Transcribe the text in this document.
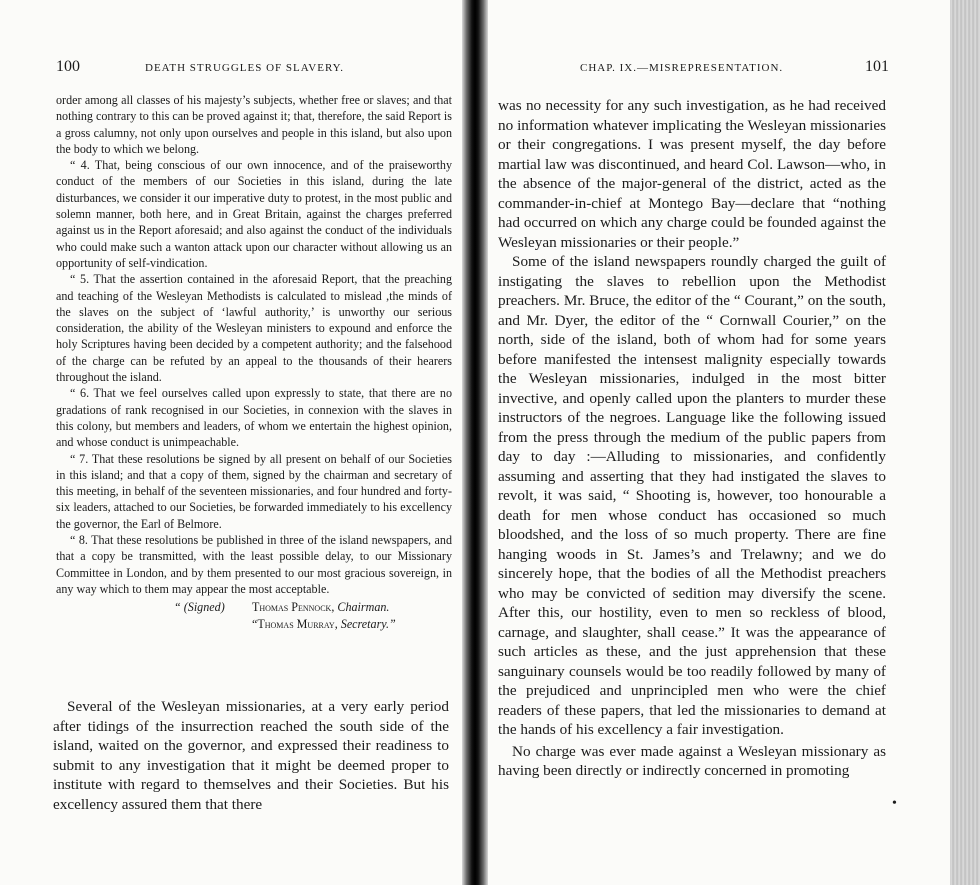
100	DEATH STRUGGLES OF SLAVERY.

order among all classes of his majesty’s subjects, whether free or slaves; and that nothing contrary to this can be proved against it; that, therefore, the said Report is a gross calumny, not only upon ourselves and people in this island, but also upon the body to which we belong.

“ 4. That, being conscious of our own innocence, and of the praiseworthy conduct of the members of our Societies in this island, during the late disturbances, we consider it our imperative duty to protest, in the most public and solemn manner, both here, and in Great Britain, against the charges preferred against us in the Report aforesaid; and also against the conduct of the individuals who could make such a wanton attack upon our character without allowing us an opportunity of self-vindication.

“ 5. That the assertion contained in the aforesaid Report, that the preaching and teaching of the Wesleyan Methodists is calculated to mislead ,the minds of the slaves on the subject of ‘lawful authority,’ is unworthy our serious consideration, the ability of the Wesleyan ministers to expound and enforce the holy Scriptures having been decided by a competent authority; and the falsehood of the charge can be refuted by an appeal to the thousands of their hearers throughout the island.

“ 6. That we feel ourselves called upon expressly to state, that there are no gradations of rank recognised in our Societies, in connexion with the slaves in this colony, but members and leaders, of whom we entertain the highest opinion, and whose conduct is unimpeachable.

“ 7. That these resolutions be signed by all present on behalf of our Societies in this island; and that a copy of them, signed by the chairman and secretary of this meeting, in behalf of the seventeen missionaries, and four hundred and forty-six leaders, attached to our Societies, be forwarded immediately to his excellency the governor, the Earl of Belmore.

“ 8. That these resolutions be published in three of the island newspapers, and that a copy be transmitted, with the least possible delay, to our Missionary Committee in London, and by them presented to our most gracious sovereign, in any way which to them may appear the most acceptable.

“ (Signed) Thomas Pennock, Chairman.

“Thomas Murray, Secretary.”

Several of the Wesleyan missionaries, at a very early period after tidings of the insurrection reached the south side of the island, waited on the governor, and expressed their readiness to submit to any investigation that it might be deemed proper to institute with regard to themselves and their Societies. But his excellency assured them that there

CHAP. IX.—MISREPRESENTATION.	101

was no necessity for any such investigation, as he had received no information whatever implicating the Wesleyan missionaries or their congregations. I was present myself, the day before martial law was discontinued, and heard Col. Lawson—who, in the absence of the major-general of the district, acted as the commander-in-chief at Montego Bay—declare that “nothing had occurred on which any charge could be founded against the Wesleyan missionaries or their people.”

Some of the island newspapers roundly charged the guilt of instigating the slaves to rebellion upon the Methodist preachers. Mr. Bruce, the editor of the “ Courant,” on the south, and Mr. Dyer, the editor of the “ Cornwall Courier,” on the north, side of the island, both of whom had for some years before manifested the intensest malignity especially towards the Wesleyan missionaries, indulged in the most bitter invective, and openly called upon the planters to murder these instructors of the negroes. Language like the following issued from the press through the medium of the public papers from day to day :—Alluding to missionaries, and confidently assuming and asserting that they had instigated the slaves to revolt, it was said, “ Shooting is, however, too honourable a death for men whose conduct has occasioned so much bloodshed, and the loss of so much property. There are fine hanging woods in St. James’s and Trelawny; and we do sincerely hope, that the bodies of all the Methodist preachers who may be convicted of sedition may diversify the scene. After this, our hostility, even to men so reckless of blood, carnage, and slaughter, shall cease.” It was the appearance of such articles as these, and the just apprehension that these sanguinary counsels would be too readily followed by many of the prejudiced and unprincipled men who were the chief readers of these papers, that led the missionaries to demand at the hands of his excellency a fair investigation.

No charge was ever made against a Wesleyan missionary as having been directly or indirectly concerned in promoting

•
